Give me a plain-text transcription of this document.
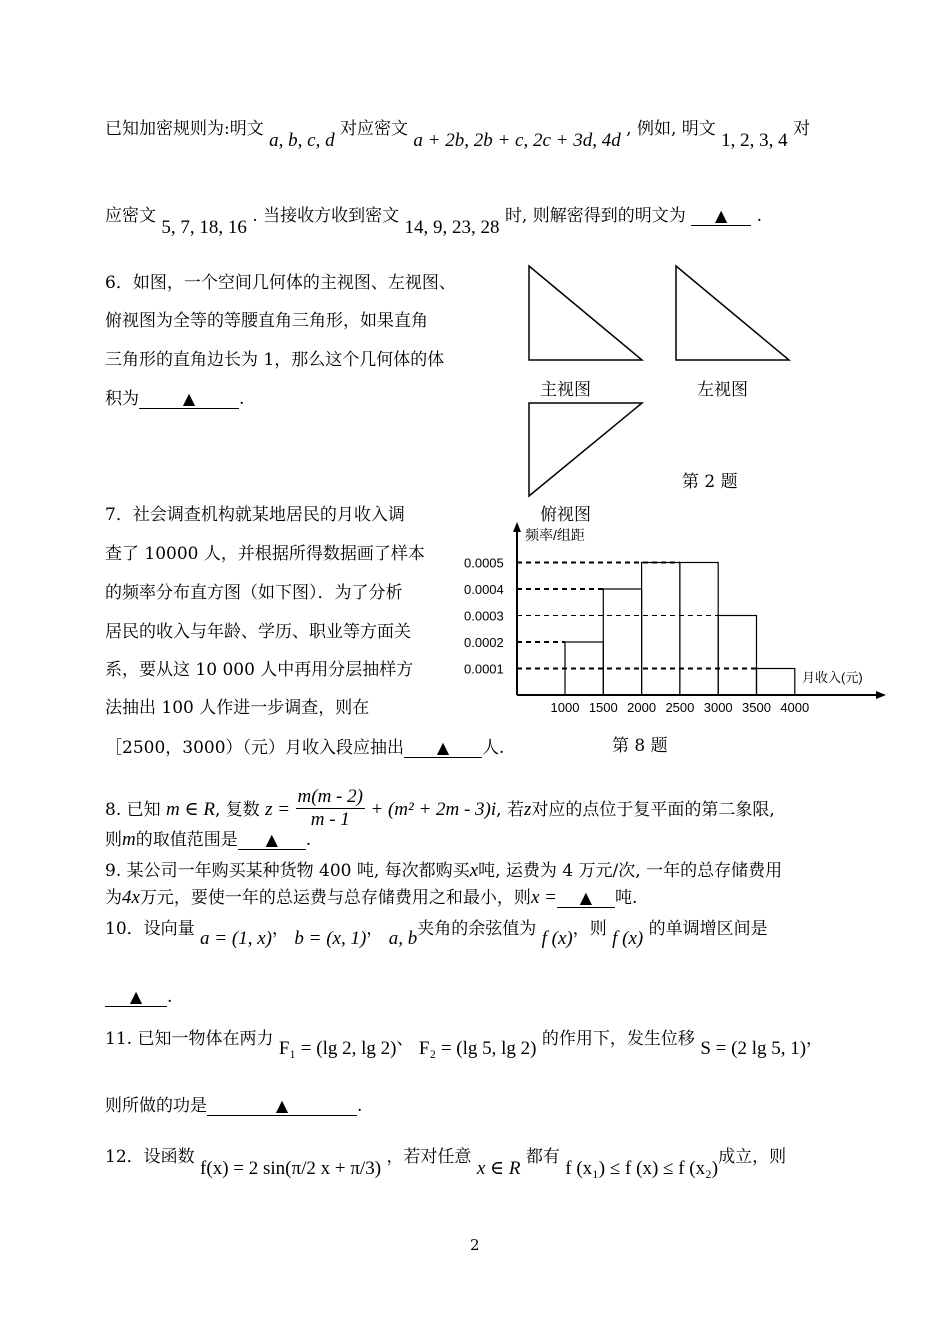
已知加密规则为:明文 a, b, c, d 对应密文 a + 2b, 2b + c, 2c + 3d, 4d , 例如, 明文 1, 2, 3, 4 对
应密文 5, 7, 18, 16 . 当接收方收到密文 14, 9, 23, 28 时, 则解密得到的明文为 ▲ .
6．如图，一个空间几何体的主视图、左视图、
俯视图为全等的等腰直角三角形，如果直角
三角形的直角边长为 1，那么这个几何体的体
积为	▲	.	主视图	左视图
第 2 题
俯视图
7．社会调查机构就某地居民的月收入调
查了 10000 人，并根据所得数据画了样本
的频率分布直方图（如下图）．为了分析
居民的收入与年龄、学历、职业等方面关
系，要从这 10 000 人中再用分层抽样方
法抽出 100 人作进一步调查，则在
［2500，3000）（元）月收入段应抽出 ▲ 人.
频率/组距
月收入(元)
0.0001
0.0002
0.0003
0.0004
0.0005
1000 1500 2000 2500 3000 3500 4000
第 8 题
8. 已知 m ∈ R, 复数 $z = \frac{m(m - 2)}{m - 1} + (m^2 + 2m - 3)i$, 若z对应的点位于复平面的第二象限,
则m的取值范围是 ▲ .
9. 某公司一年购买某种货物 400 吨, 每次都购买x吨, 运费为 4 万元/次, 一年的总存储费用
为4x万元，要使一年的总运费与总存储费用之和最小，则x = ▲ 吨.
10．设向量 a = (1, x)， b = (x, 1)， a, b夹角的余弦值为 f (x)，则 f (x) 的单调增区间是
▲ .
11. 已知一物体在两力 F₁ = (lg 2, lg 2)、 F₂ = (lg 5, lg 2) 的作用下，发生位移 S = (2 lg 5, 1)，
则所做的功是	▲	.
12．设函数 f(x) = 2 sin(π/2 x + π/3) ，若对任意 x ∈ R 都有 f (x₁) ≤ f (x) ≤ f (x₂)成立，则
2
